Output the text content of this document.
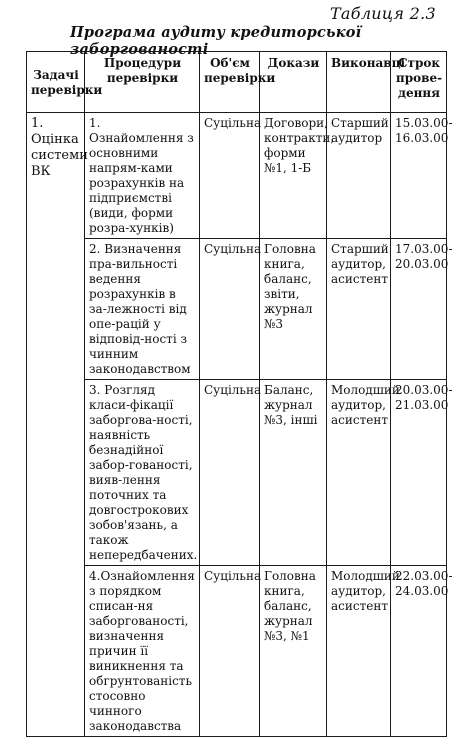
Таблиця 2.3
Програма аудиту кредиторської заборгованості
Задачі перевірки	Процедури перевірки	Об'єм перевірки	Докази	Виконавці	Строк прове-дення
1. Оцінка системи ВК	1. Ознайомлення з основними напрям-ками розрахунків на підприємстві (види, форми розра-хунків)	Суцільна	Договори, контракти, форми №1, 1-Б	Старший аудитор	15.03.00-
16.03.00
	2. Визначення пра-вильності ведення розрахунків в за-лежності від опе-рацій у відповід-ності з чинним законодавством	Суцільна	Головна книга, баланс, звіти, журнал №3	Старший аудитор, асистент	17.03.00-
20.03.00
	3. Розгляд класи-фікації заборгова-ності, наявність безнадійної забор-гованості, вияв-лення поточних та довгострокових зобов'язань, а також непередбачених.	Суцільна	Баланс, журнал №3, інші	Молодший аудитор, асистент	20.03.00-
21.03.00
	4.Ознайомлення з порядком списан-ня заборгованості, визначення причин її виникнення та обгрунтованість стосовно чинного законодавства	Суцільна	Головна книга, баланс, журнал №3, №1	Молодший аудитор, асистент	22.03.00-
24.03.00
